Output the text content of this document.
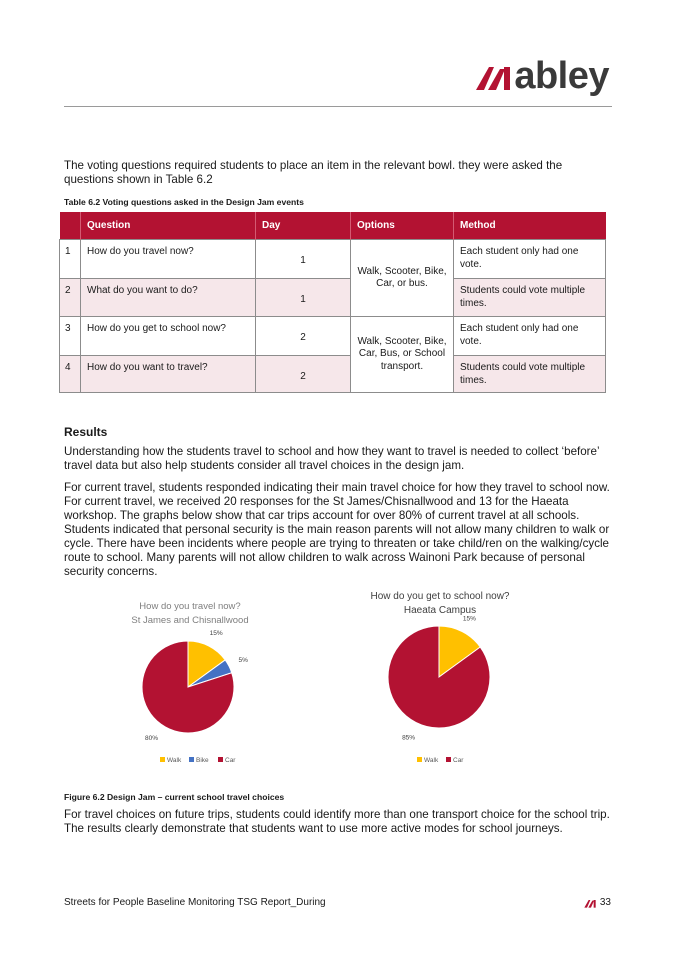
abley

The voting questions required students to place an item in the relevant bowl. they were asked the questions shown in Table 6.2

Table 6.2 Voting questions asked in the Design Jam events
	Question	Day	Options	Method
1	How do you travel now?	1	Walk, Scooter, Bike, Car, or bus.	Each student only had one vote.
2	What do you want to do?	1		Students could vote multiple times.
3	How do you get to school now?	2	Walk, Scooter, Bike, Car, Bus, or School transport.	Each student only had one vote.
4	How do you want to travel?	2		Students could vote multiple times.
Results

Understanding how the students travel to school and how they want to travel is needed to collect ‘before’ travel data but also help students consider all travel choices in the design jam.

For current travel, students responded indicating their main travel choice for how they travel to school now. For current travel, we received 20 responses for the St James/Chisnallwood and 13 for the Haeata workshop. The graphs below show that car trips account for over 80% of current travel at all schools. Students indicated that personal security is the main reason parents will not allow many children to walk or cycle. There have been incidents where people are trying to threaten or take child/ren on the walking/cycle route to school. Many parents will not allow children to walk across Wainoni Park because of personal security concerns.

How do you travel now?
St James and Chisnallwood
15%
5%
80%
Walk Bike	Car
How do you get to school now?
Haeata Campus
15%
85%
Walk Car
Figure 6.2 Design Jam – current school travel choices

For travel choices on future trips, students could identify more than one transport choice for the school trip. The results clearly demonstrate that students want to use more active modes for school journeys.

Streets for People Baseline Monitoring TSG Report_During	33
